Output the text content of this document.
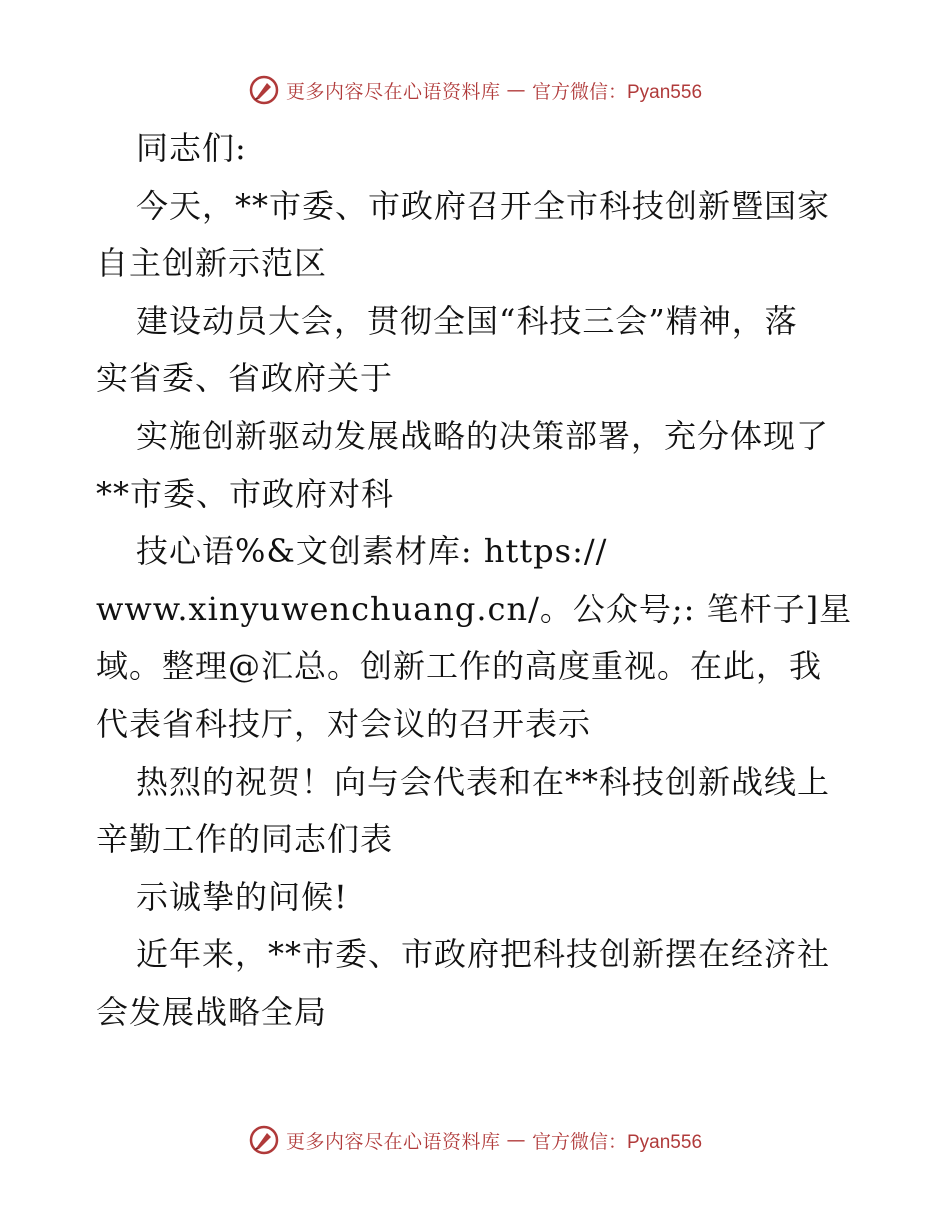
更多内容尽在心语资料库 — 官方微信：Pyan556
同志们:
今天，**市委、市政府召开全市科技创新暨国家
自主创新示范区
建设动员大会，贯彻全国“科技三会”精神，落
实省委、省政府关于
实施创新驱动发展战略的决策部署，充分体现了
**市委、市政府对科
技心语%&文创素材库: https://
www.xinyuwenchuang.cn/。公众号;: 笔杆子]星
域。整理@汇总。创新工作的高度重视。在此，我
代表省科技厅，对会议的召开表示
热烈的祝贺！向与会代表和在**科技创新战线上
辛勤工作的同志们表
示诚挚的问候!
近年来，**市委、市政府把科技创新摆在经济社
会发展战略全局
更多内容尽在心语资料库 — 官方微信：Pyan556
